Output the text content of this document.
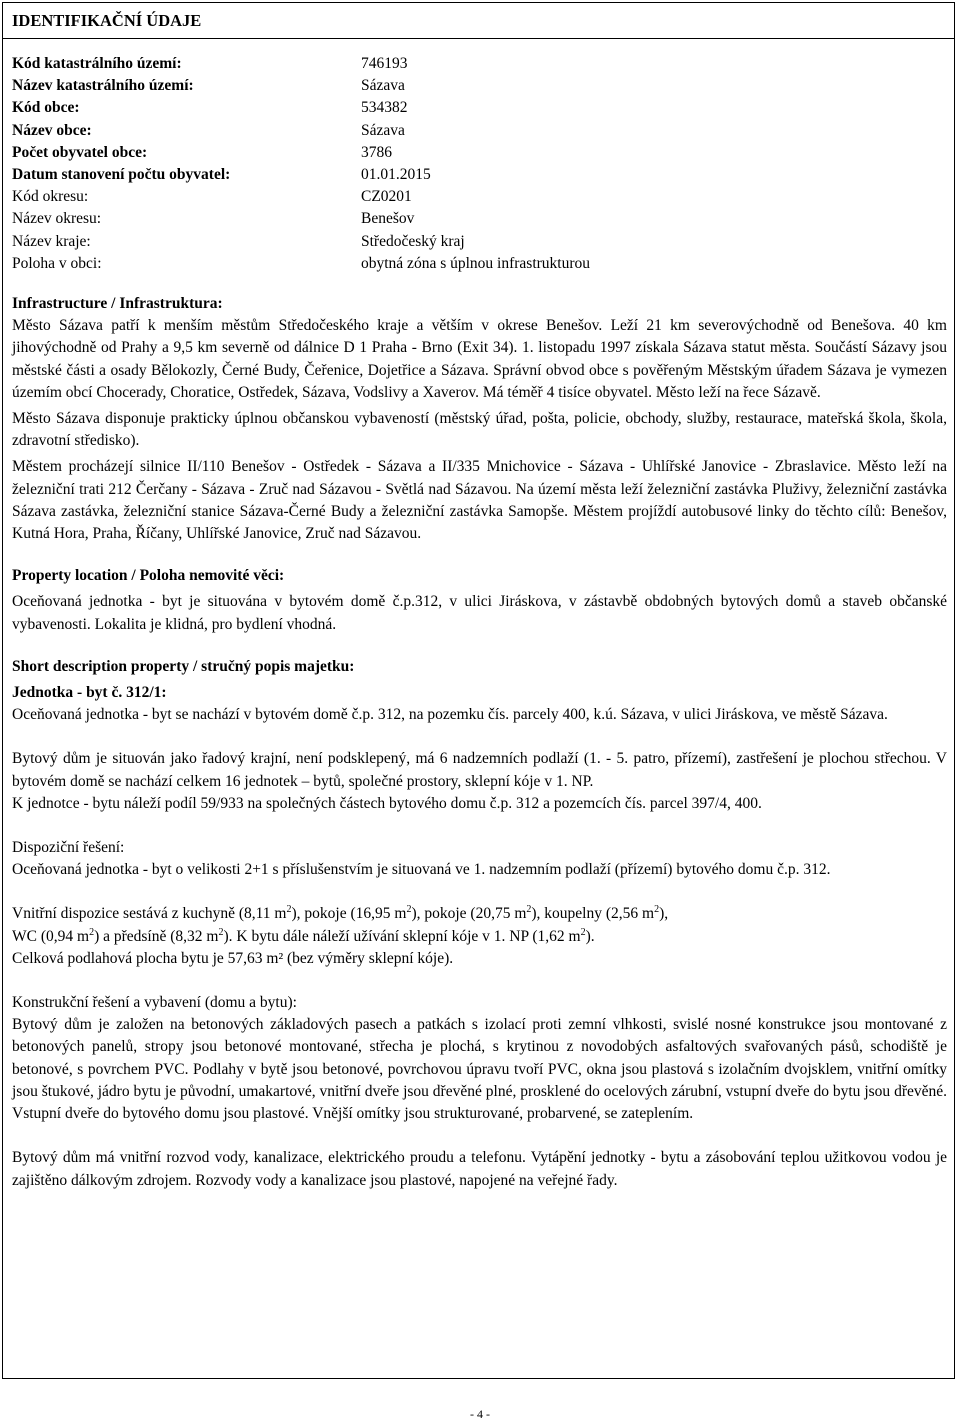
IDENTIFIKAČNÍ ÚDAJE
Kód katastrálního území:	746193
Název katastrálního území:	Sázava
Kód obce:	534382
Název obce:	Sázava
Počet obyvatel obce:	3786
Datum stanovení počtu obyvatel:	01.01.2015
Kód okresu:	CZ0201
Název okresu:	Benešov
Název kraje:	Středočeský kraj
Poloha v obci:	obytná zóna s úplnou infrastrukturou

Infrastructure / Infrastruktura:

Město Sázava patří k menším městům Středočeského kraje a větším v okrese Benešov. Leží 21 km severovýchodně od Benešova. 40 km jihovýchodně od Prahy a 9,5 km severně od dálnice D 1 Praha - Brno (Exit 34). 1. listopadu 1997 získala Sázava statut města. Součástí Sázavy jsou městské části a osady Bělokozly, Černé Budy, Čeřenice, Dojetřice a Sázava. Správní obvod obce s pověřeným Městským úřadem Sázava je vymezen územím obcí Chocerady, Choratice, Ostředek, Sázava, Vodslivy a Xaverov. Má téměř 4 tisíce obyvatel. Město leží na řece Sázavě.

Město Sázava disponuje prakticky úplnou občanskou vybaveností (městský úřad, pošta, policie, obchody, služby, restaurace, mateřská škola, škola, zdravotní středisko).

Městem procházejí silnice II/110 Benešov - Ostředek - Sázava a II/335 Mnichovice - Sázava - Uhlířské Janovice - Zbraslavice. Město leží na železniční trati 212 Čerčany - Sázava - Zruč nad Sázavou - Světlá nad Sázavou. Na území města leží železniční zastávka Pluživy, železniční zastávka Sázava zastávka, železniční stanice Sázava-Černé Budy a železniční zastávka Samopše. Městem projíždí autobusové linky do těchto cílů: Benešov, Kutná Hora, Praha, Říčany, Uhlířské Janovice, Zruč nad Sázavou.

Property location / Poloha nemovité věci:

Oceňovaná jednotka - byt je situována v bytovém domě č.p.312, v ulici Jiráskova, v zástavbě obdobných bytových domů a staveb občanské vybavenosti. Lokalita je klidná, pro bydlení vhodná.

Short description property / stručný popis majetku:

Jednotka - byt č. 312/1:

Oceňovaná jednotka - byt se nachází v bytovém domě č.p. 312, na pozemku čís. parcely 400, k.ú. Sázava, v ulici Jiráskova, ve městě Sázava.

Bytový dům je situován jako řadový krajní, není podsklepený, má 6 nadzemních podlaží (1. - 5. patro, přízemí), zastřešení je plochou střechou. V bytovém domě se nachází celkem 16 jednotek – bytů, společné prostory, sklepní kóje v 1. NP.

K jednotce - bytu náleží podíl 59/933 na společných částech bytového domu č.p. 312 a pozemcích čís. parcel 397/4, 400.

Dispoziční řešení:

Oceňovaná jednotka - byt o velikosti 2+1 s příslušenstvím je situovaná ve 1. nadzemním podlaží (přízemí) bytového domu č.p. 312.

Vnitřní dispozice sestává z kuchyně (8,11 $m^2$), pokoje (16,95 $m^2$), pokoje (20,75 $m^2$), koupelny (2,56 $m^2$),
WC (0,94 $m^2$) a předsíně (8,32 $m^2$). K bytu dále náleží užívání sklepní kóje v 1. NP (1,62 $m^2$).

Celková podlahová plocha bytu je 57,63 m² (bez výměry sklepní kóje).

Konstrukční řešení a vybavení (domu a bytu):

Bytový dům je založen na betonových základových pasech a patkách s izolací proti zemní vlhkosti, svislé nosné konstrukce jsou montované z betonových panelů, stropy jsou betonové montované, střecha je plochá, s krytinou z novodobých asfaltových svařovaných pásů, schodiště je betonové, s povrchem PVC. Podlahy v bytě jsou betonové, povrchovou úpravu tvoří PVC, okna jsou plastová s izolačním dvojsklem, vnitřní omítky jsou štukové, jádro bytu je původní, umakartové, vnitřní dveře jsou dřevěné plné, prosklené do ocelových zárubní, vstupní dveře do bytu jsou dřevěné. Vstupní dveře do bytového domu jsou plastové. Vnější omítky jsou strukturované, probarvené, se zateplením.

Bytový dům má vnitřní rozvod vody, kanalizace, elektrického proudu a telefonu. Vytápění jednotky - bytu a zásobování teplou užitkovou vodou je zajištěno dálkovým zdrojem. Rozvody vody a kanalizace jsou plastové, napojené na veřejné řady.

- 4 -
